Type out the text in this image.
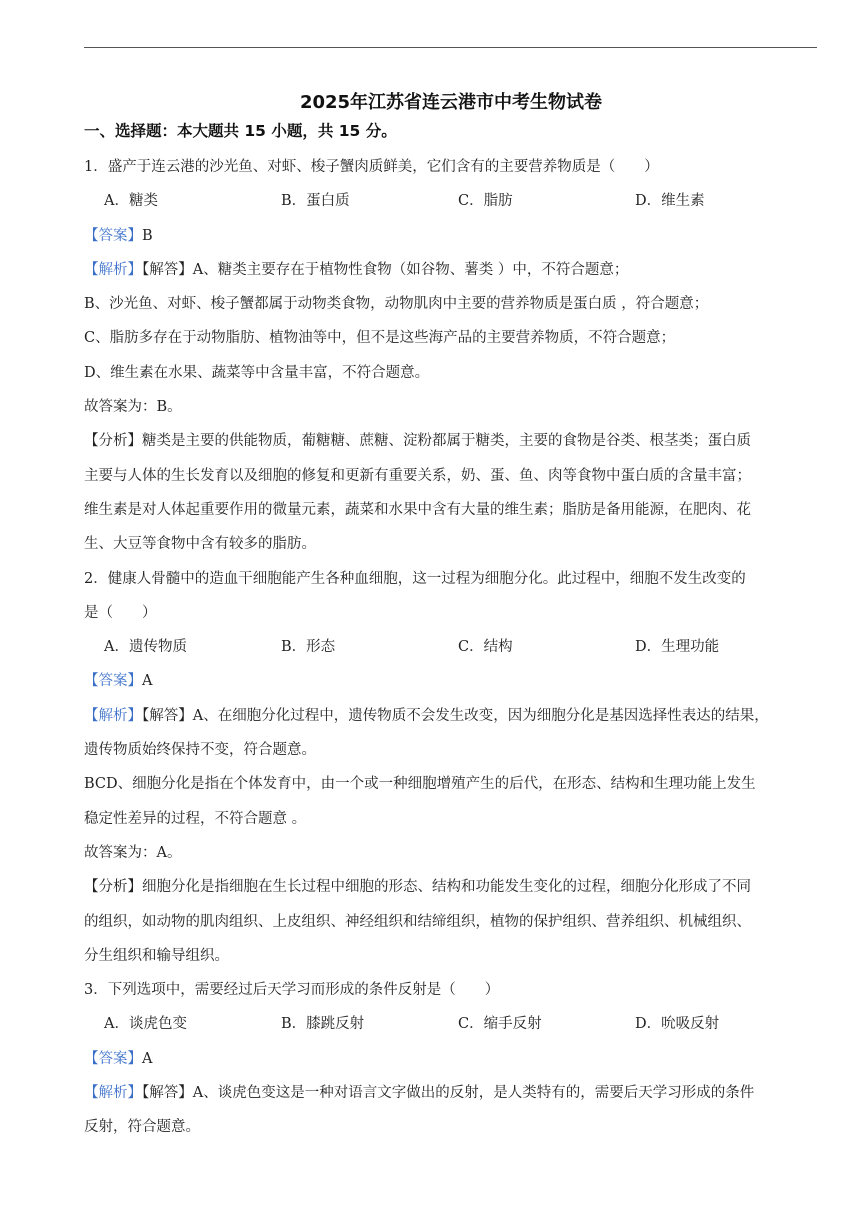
2025年江苏省连云港市中考生物试卷
一、选择题：本大题共 15 小题，共 15 分。
1．盛产于连云港的沙光鱼、对虾、梭子蟹肉质鲜美，它们含有的主要营养物质是（　　）
A．糖类	B．蛋白质	C．脂肪	D．维生素
【答案】B
【解析】【解答】A、糖类主要存在于植物性食物（如谷物、薯类 ）中，不符合题意；
B、沙光鱼、对虾、梭子蟹都属于动物类食物，动物肌肉中主要的营养物质是蛋白质 ，符合题意；
C、脂肪多存在于动物脂肪、植物油等中，但不是这些海产品的主要营养物质，不符合题意；
D、维生素在水果、蔬菜等中含量丰富，不符合题意。
故答案为：B。
【分析】糖类是主要的供能物质，葡糖糖、蔗糖、淀粉都属于糖类，主要的食物是谷类、根茎类；蛋白质
主要与人体的生长发育以及细胞的修复和更新有重要关系，奶、蛋、鱼、肉等食物中蛋白质的含量丰富；
维生素是对人体起重要作用的微量元素，蔬菜和水果中含有大量的维生素；脂肪是备用能源，在肥肉、花
生、大豆等食物中含有较多的脂肪。
2．健康人骨髓中的造血干细胞能产生各种血细胞，这一过程为细胞分化。此过程中，细胞不发生改变的
是（　　）
A．遗传物质	B．形态	C．结构	D．生理功能
【答案】A
【解析】【解答】A、在细胞分化过程中，遗传物质不会发生改变，因为细胞分化是基因选择性表达的结果，
遗传物质始终保持不变，符合题意。
BCD、细胞分化是指在个体发育中，由一个或一种细胞增殖产生的后代，在形态、结构和生理功能上发生
稳定性差异的过程，不符合题意 。
故答案为：A。
【分析】细胞分化是指细胞在生长过程中细胞的形态、结构和功能发生变化的过程，细胞分化形成了不同
的组织，如动物的肌肉组织、上皮组织、神经组织和结缔组织，植物的保护组织、营养组织、机械组织、
分生组织和输导组织。
3．下列选项中，需要经过后天学习而形成的条件反射是（　　）
A．谈虎色变	B．膝跳反射	C．缩手反射	D．吮吸反射
【答案】A
【解析】【解答】A、谈虎色变这是一种对语言文字做出的反射，是人类特有的，需要后天学习形成的条件
反射，符合题意。
